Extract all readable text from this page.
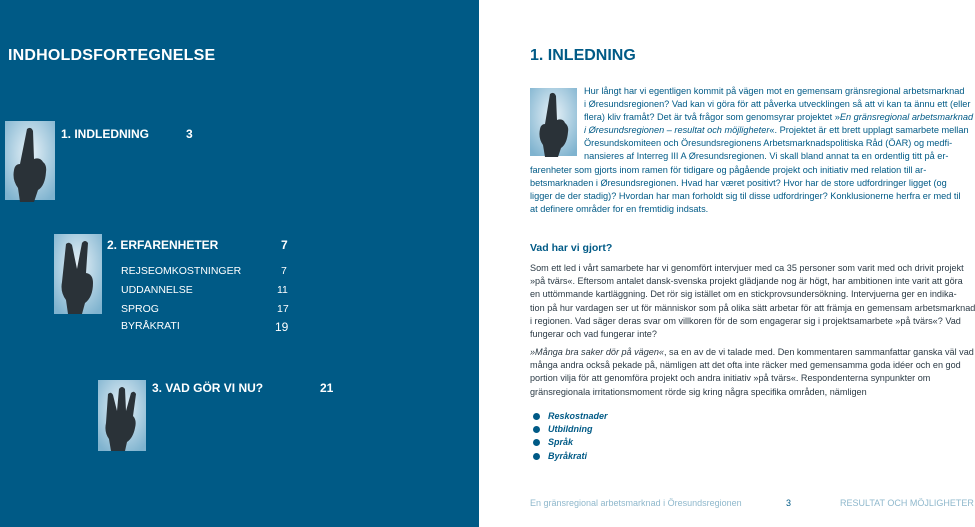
INDHOLDSFORTEGNELSE
1. INDLEDNING	3
2. ERFARENHETER	7
REJSEOMKOSTNINGER	7
UDDANNELSE	11
SPROG	17
BYRÅKRATI	19
3. VAD GÖR VI NU?	21
1. INLEDNING
Hur långt har vi egentligen kommit på vägen mot en gemensam gränsregional arbetsmarknad
i Øresundsregionen? Vad kan vi göra för att påverka utvecklingen så att vi kan ta ännu ett (eller
flera) kliv framåt? Det är två frågor som genomsyrar projektet »En gränsregional arbetsmarknad
i Øresundsregionen – resultat och möjligheter«. Projektet är ett brett upplagt samarbete mellan
Öresundskomiteen och Öresundsregionens Arbetsmarknadspolitiska Råd (ÖAR) og medfi-
nansieres af Interreg III A Øresundsregionen. Vi skall bland annat ta en ordentlig titt på er-
farenheter som gjorts inom ramen för tidigare og pågående projekt och initiativ med relation till ar-
betsmarknaden i Øresundsregionen. Hvad har været positivt? Hvor har de store udfordringer ligget (og
ligger de der stadig)? Hvordan har man forholdt sig til disse udfordringer? Konklusionerne herfra er med til
at definere områder for en fremtidig indsats.
Vad har vi gjort?
Som ett led i vårt samarbete har vi genomfört intervjuer med ca 35 personer som varit med och drivit projekt
»på tvärs«. Eftersom antalet dansk-svenska projekt glädjande nog är högt, har ambitionen inte varit att göra
en uttömmande kartläggning. Det rör sig istället om en stickprovsundersökning. Intervjuerna ger en indika-
tion på hur vardagen ser ut för människor som på olika sätt arbetar för att främja en gemensam arbetsmarknad
i regionen. Vad säger deras svar om villkoren för de som engagerar sig i projektsamarbete »på tvärs«? Vad
fungerar och vad fungerar inte?
»Många bra saker dör på vägen«, sa en av de vi talade med. Den kommentaren sammanfattar ganska väl vad
många andra också pekade på, nämligen att det ofta inte räcker med gemensamma goda idéer och en god
portion vilja för att genomföra projekt och andra initiativ »på tvärs«. Respondenterna synpunkter om
gränsregionala irritationsmoment rörde sig kring några specifika områden, nämligen
Reskostnader
Utbildning
Språk
Byråkrati
En gränsregional arbetsmarknad i Öresundsregionen	3	RESULTAT OCH MÖJLIGHETER
